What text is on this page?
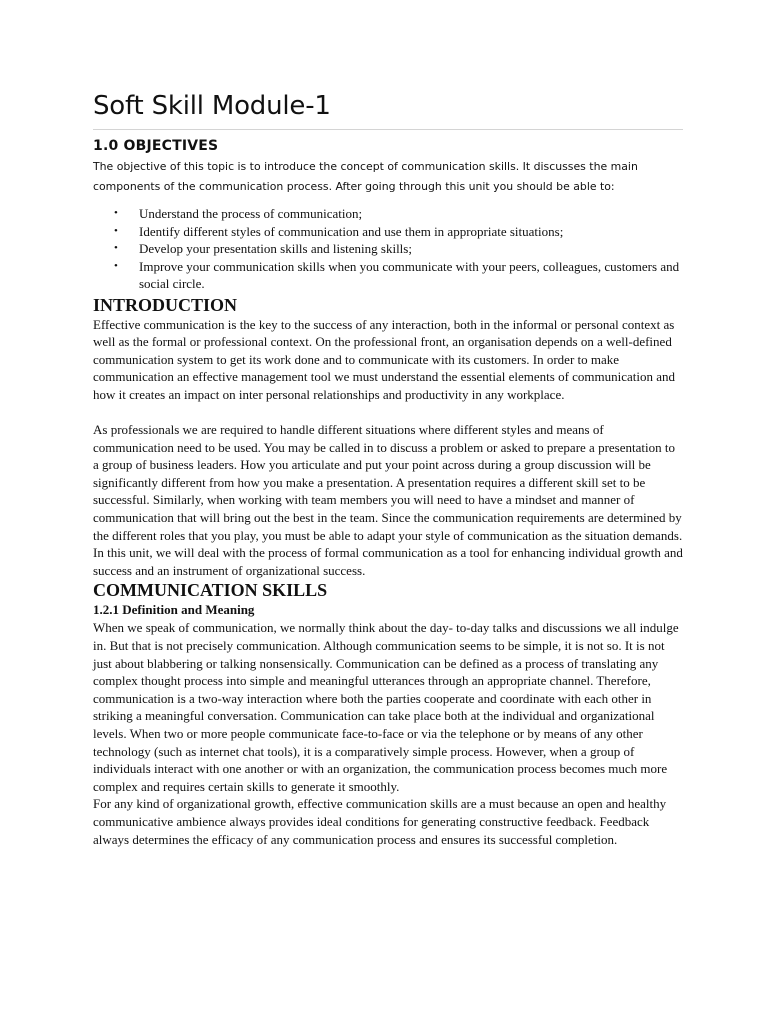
Soft Skill Module-1
1.0 OBJECTIVES

The objective of this topic is to introduce the concept of communication skills. It discusses the main components of the communication process. After going through this unit you should be able to:

• Understand the process of communication;
• Identify different styles of communication and use them in appropriate situations;
• Develop your presentation skills and listening skills;
• Improve your communication skills when you communicate with your peers, colleagues, customers and social circle.
INTRODUCTION

Effective communication is the key to the success of any interaction, both in the informal or personal context as well as the formal or professional context. On the professional front, an organisation depends on a well-defined communication system to get its work done and to communicate with its customers. In order to make communication an effective management tool we must understand the essential elements of communication and how it creates an impact on inter personal relationships and productivity in any workplace.

As professionals we are required to handle different situations where different styles and means of communication need to be used. You may be called in to discuss a problem or asked to prepare a presentation to a group of business leaders. How you articulate and put your point across during a group discussion will be significantly different from how you make a presentation. A presentation requires a different skill set to be successful. Similarly, when working with team members you will need to have a mindset and manner of communication that will bring out the best in the team. Since the communication requirements are determined by the different roles that you play, you must be able to adapt your style of communication as the situation demands. In this unit, we will deal with the process of formal communication as a tool for enhancing individual growth and success and an instrument of organizational success.

COMMUNICATION SKILLS
1.2.1 Definition and Meaning

When we speak of communication, we normally think about the day- to-day talks and discussions we all indulge in. But that is not precisely communication. Although communication seems to be simple, it is not so. It is not just about blabbering or talking nonsensically. Communication can be defined as a process of translating any complex thought process into simple and meaningful utterances through an appropriate channel. Therefore, communication is a two-way interaction where both the parties cooperate and coordinate with each other in striking a meaningful conversation. Communication can take place both at the individual and organizational levels. When two or more people communicate face-to-face or via the telephone or by means of any other technology (such as internet chat tools), it is a comparatively simple process. However, when a group of individuals interact with one another or with an organization, the communication process becomes much more complex and requires certain skills to generate it smoothly.

For any kind of organizational growth, effective communication skills are a must because an open and healthy communicative ambience always provides ideal conditions for generating constructive feedback. Feedback always determines the efficacy of any communication process and ensures its successful completion.
